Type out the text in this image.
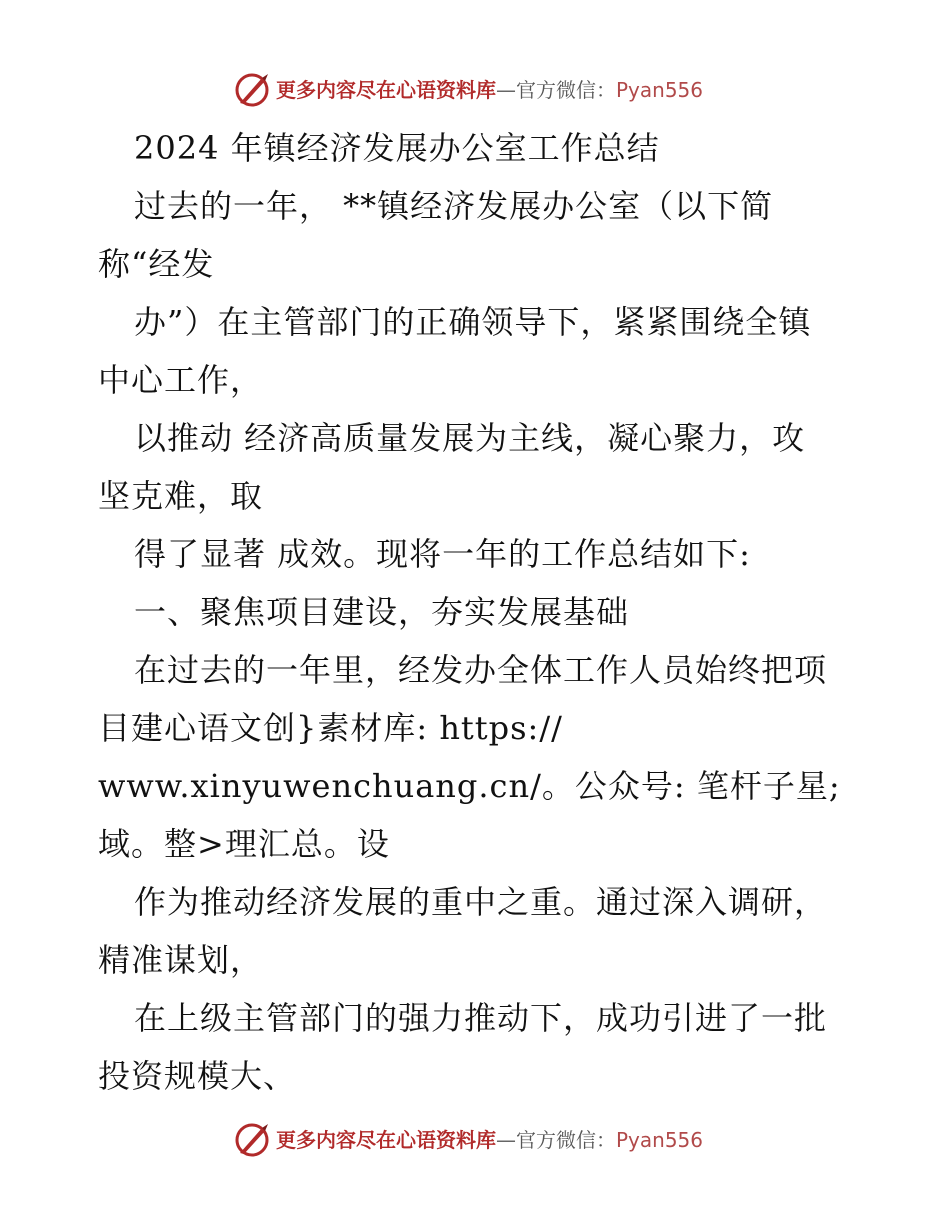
更多内容尽在心语资料库 — 官方微信： Pyan556
2024 年镇经济发展办公室工作总结
过去的一年， **镇经济发展办公室（以下简
称“经发
办”）在主管部门的正确领导下，紧紧围绕全镇
中心工作，
以推动 经济高质量发展为主线，凝心聚力，攻
坚克难，取
得了显著 成效。现将一年的工作总结如下:
一、聚焦项目建设，夯实发展基础
在过去的一年里，经发办全体工作人员始终把项
目建心语文创}素材库: https://
www.xinyuwenchuang.cn/。公众号: 笔杆子星;
域。整>理汇总。设
作为推动经济发展的重中之重。通过深入调研，
精准谋划，
在上级主管部门的强力推动下，成功引进了一批
投资规模大、
更多内容尽在心语资料库 — 官方微信： Pyan556
